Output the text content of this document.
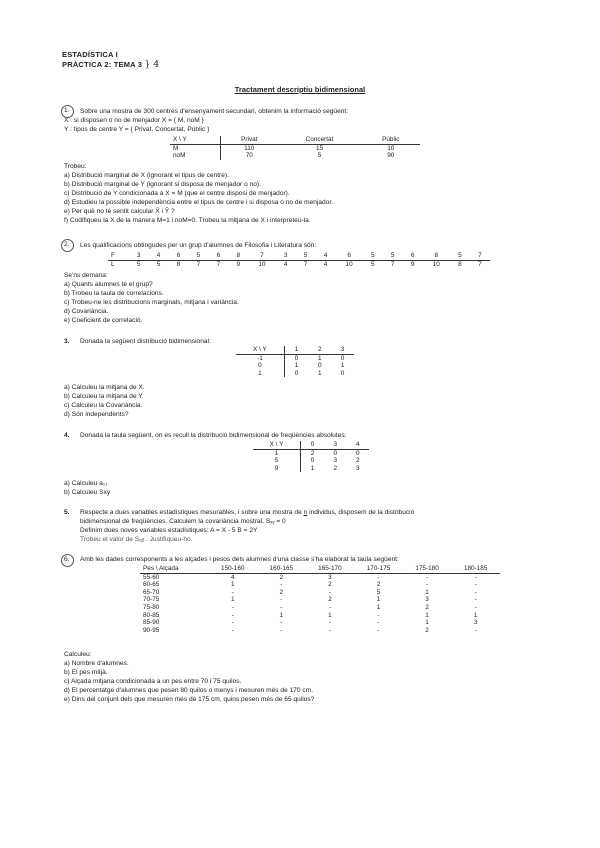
ESTADÍSTICA I
PRÀCTICA 2: TEMA 3 } 4
Tractament descriptiu bidimensional
1. Sobre una mostra de 300 centres d'ensenyament secundari, obtenim la informació següent:
X : si disposen o no de menjador X = { M, noM }
Y : tipus de centre Y = { Privat, Concertat, Públic }
X \ Y	Privat	Concertat	Públic
M	110	15	10
noM	70	5	90
Trobeu:
a) Distribució marginal de X (ignorant el tipus de centre).
b) Distribució marginal de Y (ignorant si disposa de menjador o no).
c) Distribució de Y condicionada a X = M (que el centre disposi de menjador).
d) Estudieu la possible independència entre el tipus de centre i si disposa o no de menjador.
e) Per què no té sentit calcular X̄ i Ȳ ?
f) Codifiqueu la X de la manera M=1 i noM=0. Trobeu la mitjana de X i interpreteu-la.
2. Les qualificacions obtingudes per un grup d'alumnes de Filosofia i Literatura són:
F	3	4	6	5	6	8	7	3	5	4	6	5	5	6	8	5	7
L	5	5	8	7	7	9	10	4	7	4	10	5	7	9	10	8	7
Se'ns demana:
a) Quants alumnes té el grup?
b) Trobeu la taula de correlacions.
c) Trobeu-ne les distribucions marginals, mitjana i variància.
d) Covariància.
e) Coeficient de correlació.
3. Donada la següent distribució bidimensional:
X \ Y	1	2	3
-1	0	1	0
0	1	0	1
1	0	1	0
a) Calculeu la mitjana de X.
b) Calculeu la mitjana de Y.
c) Calculeu la Covariància.
d) Són independents?
4. Donada la taula següent, on es recull la distribució bidimensional de freqüències absolutes:
X \ Y	0	3	4
1	2	0	0
5	0	3	2
9	1	2	3
a) Calculeu a₁₁
b) Calculeu Sxy
5. Respecte a dues variables estadístiques mesurables, i sobre una mostra de n individus, disposem de la distribució
bidimensional de freqüències. Calculem la covariància mostral, Sₓᵧ = 0
Definim dues noves variables estadístiques: A = X - 5 B = 2Y
Trobeu el valor de Sₐᵦ . Justifiqueu-ho.
6. Amb les dades corresponents a les alçades i pesos dels alumnes d'una classe s'ha elaborat la taula següent:
Pes \ Alçada	150-160	160-165	165-170	170-175	175-180	180-185
55-60	4	2	3	-	-	-
60-65	1	-	2	2	-	-
65-70	-	2	-	5	1	-
70-75	1	-	2	1	3	-
75-80	-	-	-	1	2	-
80-85	-	1	1	-	1	1
85-90	-	-	-	-	1	3
90-95	-	-	-	-	2	-
Calculeu:
a) Nombre d'alumnes.
b) El pes mitjà.
c) Alçada mitjana condicionada a un pes entre 70 i 75 quilos.
d) El percentatge d'alumnes que pesen 80 quilos o menys i mesuren més de 170 cm.
e) Dins del conjunt dels que mesuren més de 175 cm, quins pesen més de 65 quilos?
